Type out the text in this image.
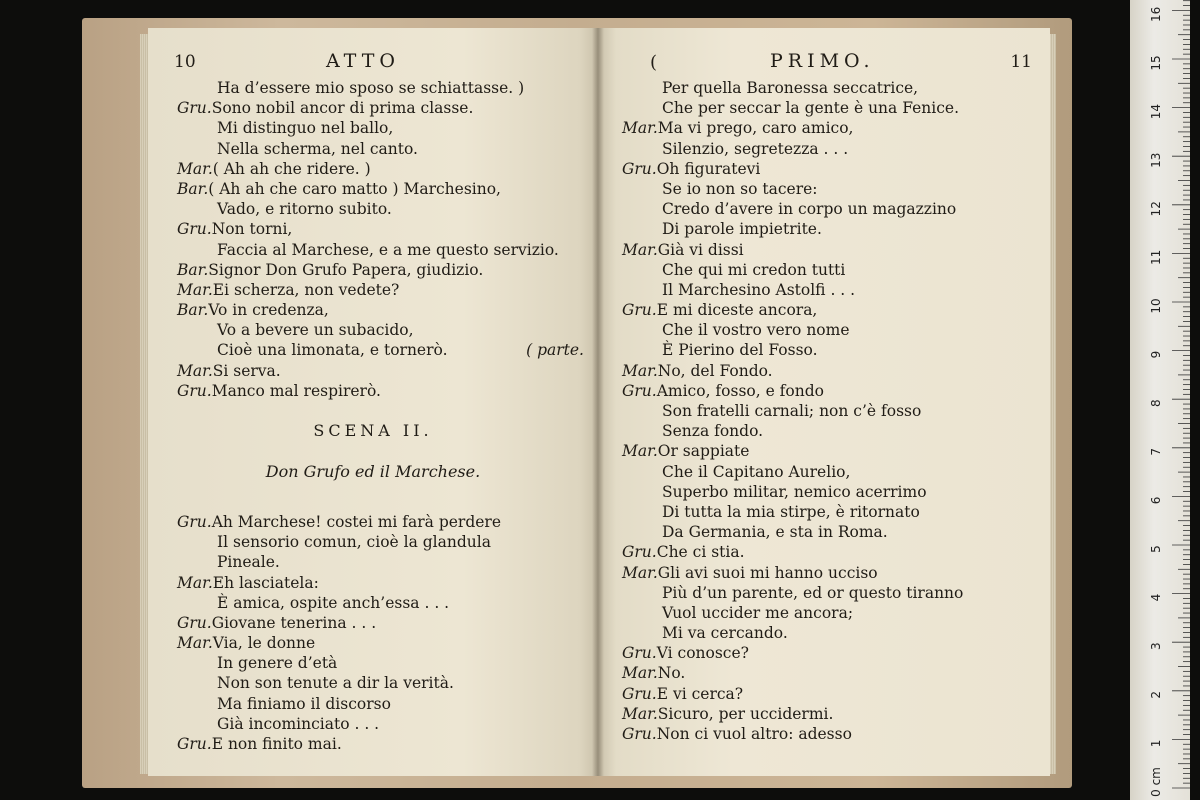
10	ATTO
Ha d’essere mio sposo se schiattasse. )
Gru.Sono nobil ancor di prima classe.
Mi distinguo nel ballo,
Nella scherma, nel canto.
Mar.( Ah ah che ridere. )
Bar.( Ah ah che caro matto ) Marchesino,
Vado, e ritorno subito.
Gru.Non torni,
Faccia al Marchese, e a me questo servizio.
Bar.Signor Don Grufo Papera, giudizio.
Mar.Ei scherza, non vedete?
Bar.Vo in credenza,
Vo a bevere un subacido,
Cioè una limonata, e tornerò.	( parte.
Mar.Si serva.
Gru.Manco mal respirerò.
SCENA II.
Don Grufo ed il Marchese.
Gru.Ah Marchese! costei mi farà perdere
Il sensorio comun, cioè la glandula
Pineale.
Mar.Eh lasciatela:
È amica, ospite anch’essa . . .
Gru.Giovane tenerina . . .
Mar.Via, le donne
In genere d’età
Non son tenute a dir la verità.
Ma finiamo il discorso
Già incominciato . . .
Gru.E non finito mai.
(	PRIMO.	11
Per quella Baronessa seccatrice,
Che per seccar la gente è una Fenice.
Mar.Ma vi prego, caro amico,
Silenzio, segretezza . . .
Gru.Oh figuratevi
Se io non so tacere:
Credo d’avere in corpo un magazzino
Di parole impietrite.
Mar.Già vi dissi
Che qui mi credon tutti
Il Marchesino Astolfi . . .
Gru.E mi diceste ancora,
Che il vostro vero nome
È Pierino del Fosso.
Mar.No, del Fondo.
Gru.Amico, fosso, e fondo
Son fratelli carnali; non c’è fosso
Senza fondo.
Mar.Or sappiate
Che il Capitano Aurelio,
Superbo militar, nemico acerrimo
Di tutta la mia stirpe, è ritornato
Da Germania, e sta in Roma.
Gru.Che ci stia.
Mar.Gli avi suoi mi hanno ucciso
Più d’un parente, ed or questo tiranno
Vuol uccider me ancora;
Mi va cercando.
Gru.Vi conosce?
Mar.No.
Gru.E vi cerca?
Mar.Sicuro, per uccidermi.
Gru.Non ci vuol altro: adesso
1
2
3
4
5
6
7
8
9
10
11
12
13
14
15
16
0 cm
